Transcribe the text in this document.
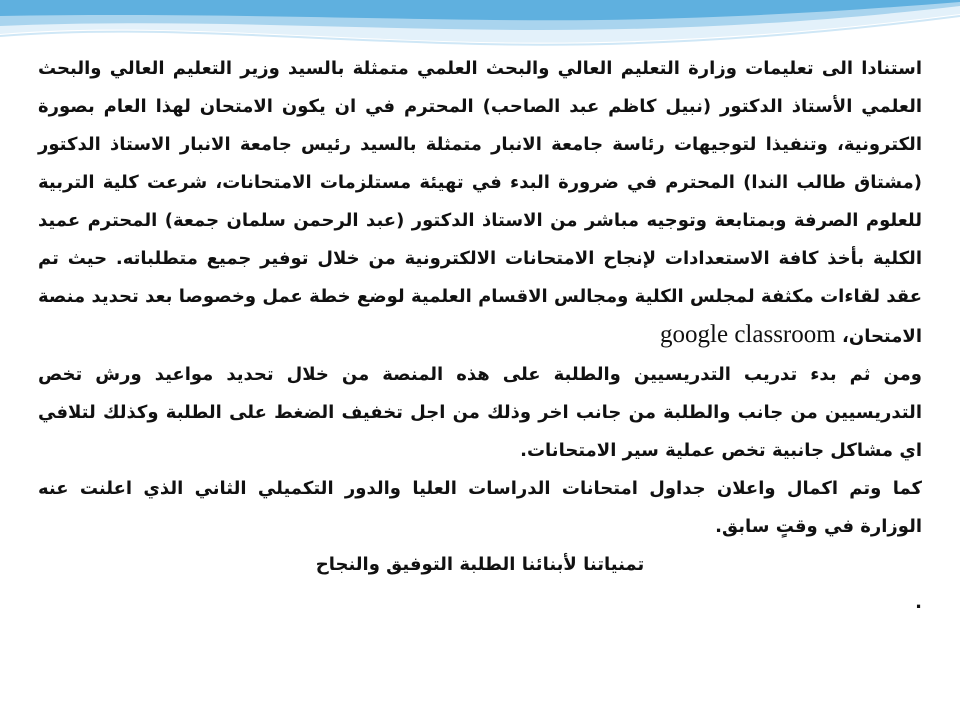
استنادا الى تعليمات وزارة التعليم العالي والبحث العلمي متمثلة بالسيد وزير التعليم العالي والبحث العلمي الأستاذ الدكتور (نبيل كاظم عبد الصاحب) المحترم في ان يكون الامتحان لهذا العام بصورة الكترونية، وتنفيذا لتوجيهات رئاسة جامعة الانبار متمثلة بالسيد رئيس جامعة الانبار الاستاذ الدكتور (مشتاق طالب الندا) المحترم في ضرورة البدء في تهيئة مستلزمات الامتحانات، شرعت كلية التربية للعلوم الصرفة وبمتابعة وتوجيه مباشر من الاستاذ الدكتور (عبد الرحمن سلمان جمعة) المحترم عميد الكلية بأخذ كافة الاستعدادات لإنجاح الامتحانات الالكترونية من خلال توفير جميع متطلباته. حيث تم عقد لقاءات مكثفة لمجلس الكلية ومجالس الاقسام العلمية لوضع خطة عمل وخصوصا بعد تحديد منصة الامتحان، google classroom

ومن ثم بدء تدريب التدريسيين والطلبة على هذه المنصة من خلال تحديد مواعيد ورش تخص التدريسيين من جانب والطلبة من جانب اخر وذلك من اجل تخفيف الضغط على الطلبة وكذلك لتلافي اي مشاكل جانبية تخص عملية سير الامتحانات.

كما وتم اكمال واعلان جداول امتحانات الدراسات العليا والدور التكميلي الثاني الذي اعلنت عنه الوزارة في وقتٍ سابق.

تمنياتنا لأبنائنا الطلبة التوفيق والنجاح

.
